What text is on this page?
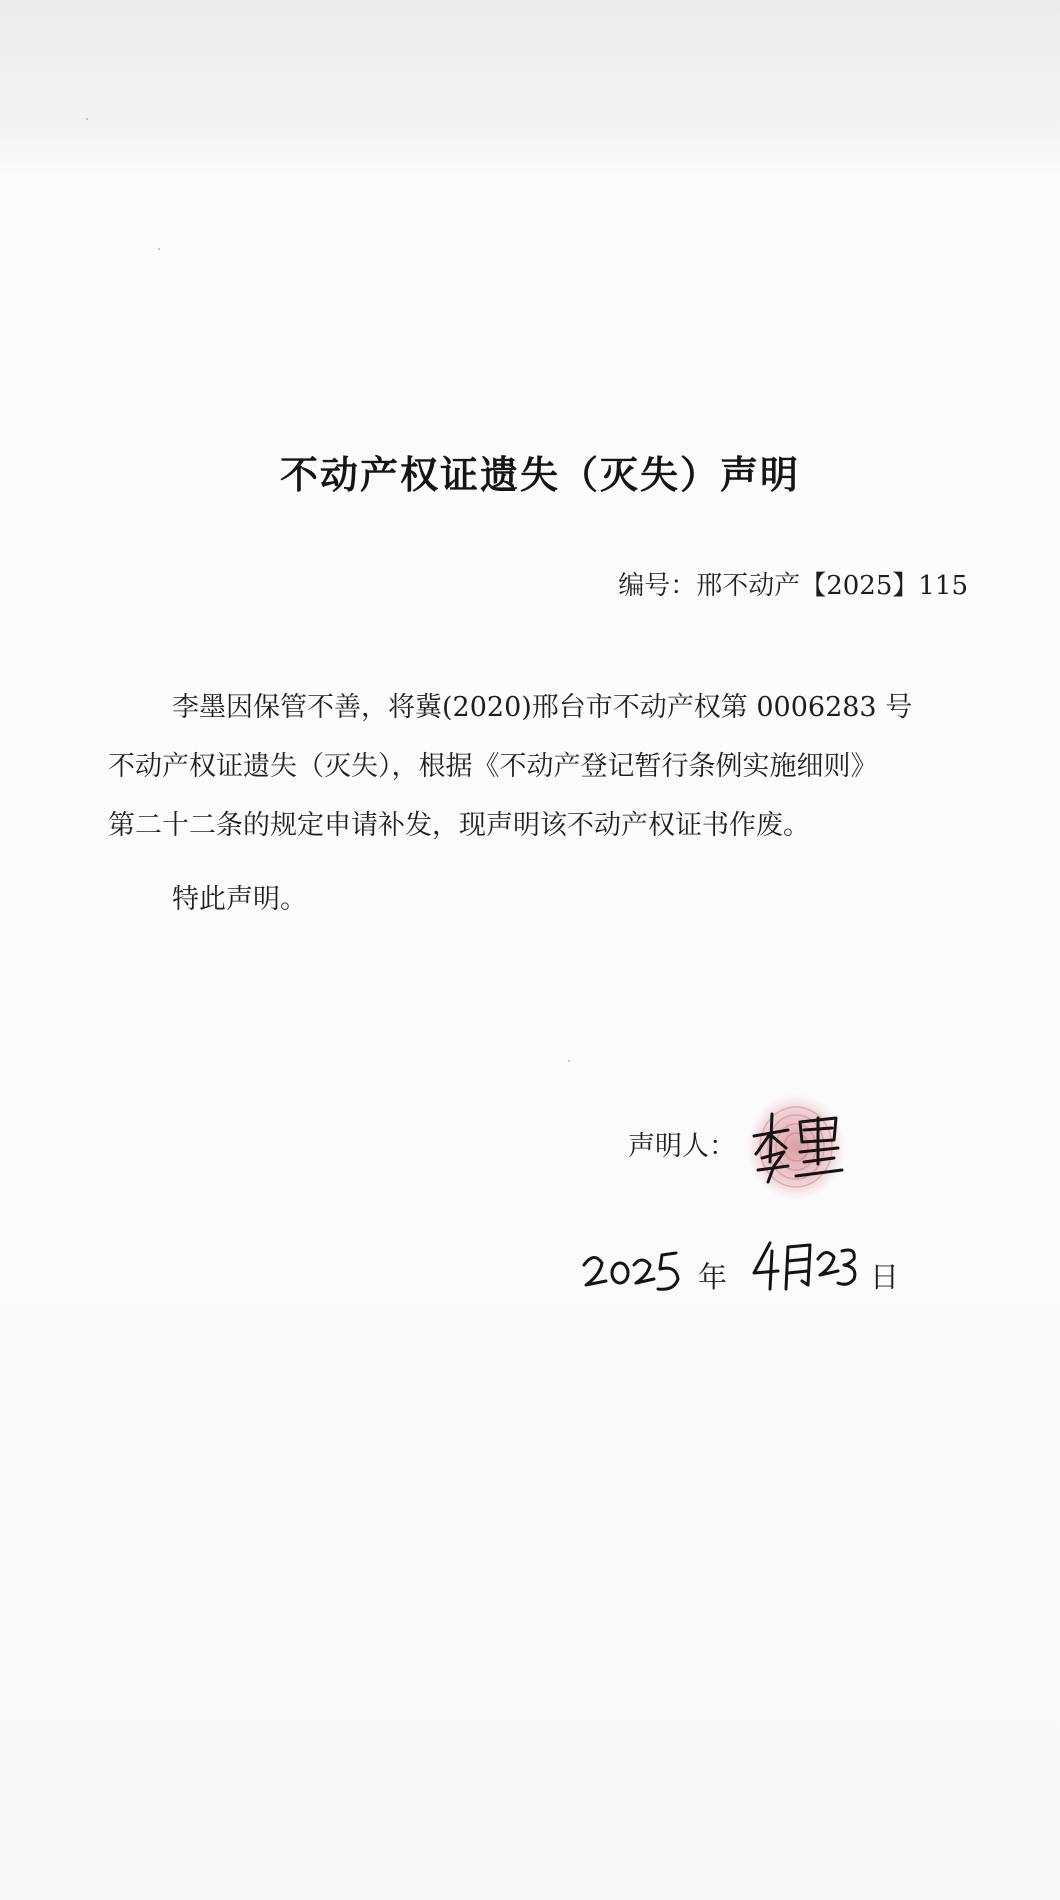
不动产权证遗失（灭失）声明
编号：邢不动产【2025】115

李墨因保管不善，将冀(2020)邢台市不动产权第 0006283 号

不动产权证遗失（灭失），根据《不动产登记暂行条例实施细则》

第二十二条的规定申请补发，现声明该不动产权证书作废。

特此声明。
声明人：
年	日
